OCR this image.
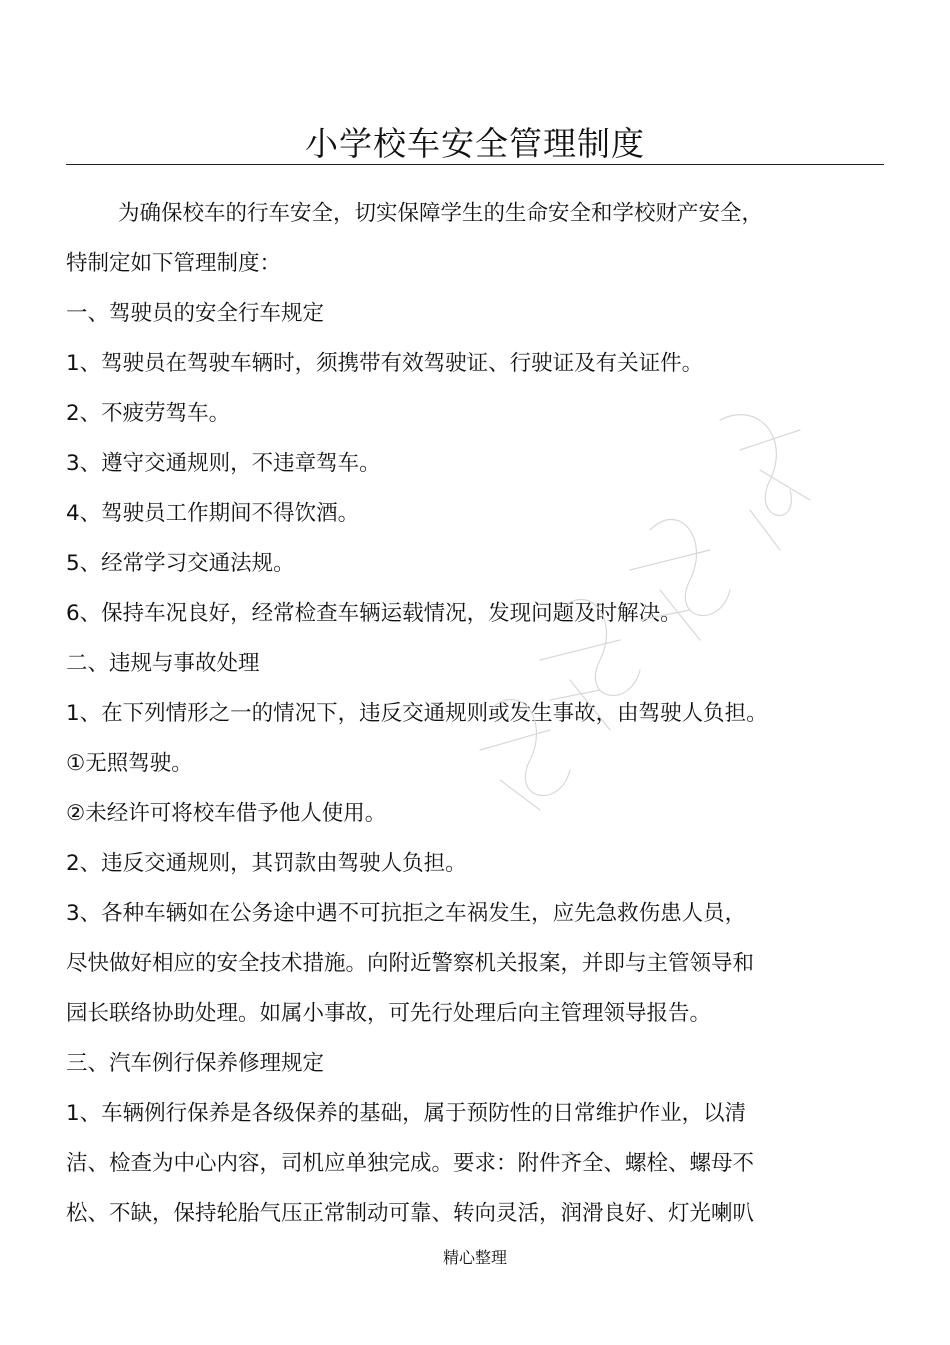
小学校车安全管理制度
为确保校车的行车安全，切实保障学生的生命安全和学校财产安全，
特制定如下管理制度：
一、驾驶员的安全行车规定
1、驾驶员在驾驶车辆时，须携带有效驾驶证、行驶证及有关证件。
2、不疲劳驾车。
3、遵守交通规则，不违章驾车。
4、驾驶员工作期间不得饮酒。
5、经常学习交通法规。
6、保持车况良好，经常检查车辆运载情况，发现问题及时解决。
二、违规与事故处理
1、在下列情形之一的情况下，违反交通规则或发生事故，由驾驶人负担。
①无照驾驶。
②未经许可将校车借予他人使用。
2、违反交通规则，其罚款由驾驶人负担。
3、各种车辆如在公务途中遇不可抗拒之车祸发生，应先急救伤患人员，
尽快做好相应的安全技术措施。向附近警察机关报案，并即与主管领导和
园长联络协助处理。如属小事故，可先行处理后向主管理领导报告。
三、汽车例行保养修理规定
1、车辆例行保养是各级保养的基础，属于预防性的日常维护作业，以清
洁、检查为中心内容，司机应单独完成。要求：附件齐全、螺栓、螺母不
松、不缺，保持轮胎气压正常制动可靠、转向灵活，润滑良好、灯光喇叭
精心整理
